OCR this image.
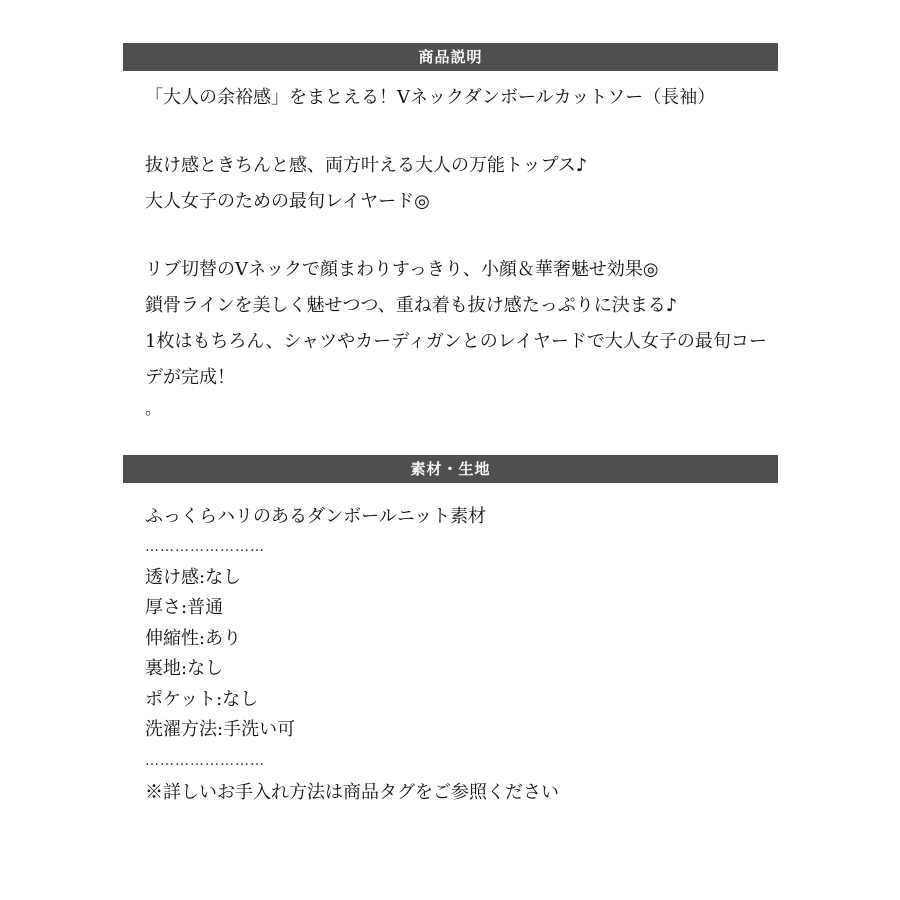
商品説明
「大人の余裕感」をまとえる！Vネックダンボールカットソー（長袖）
抜け感ときちんと感、両方叶える大人の万能トップス♪
大人女子のための最旬レイヤード◎
リブ切替のVネックで顔まわりすっきり、小顔＆華奢魅せ効果◎
鎖骨ラインを美しく魅せつつ、重ね着も抜け感たっぷりに決まる♪
1枚はもちろん、シャツやカーディガンとのレイヤードで大人女子の最旬コー
デが完成！
。
素材・生地
ふっくらハリのあるダンボールニット素材
……………………
透け感:なし
厚さ:普通
伸縮性:あり
裏地:なし
ポケット:なし
洗濯方法:手洗い可
……………………
※詳しいお手入れ方法は商品タグをご参照ください
